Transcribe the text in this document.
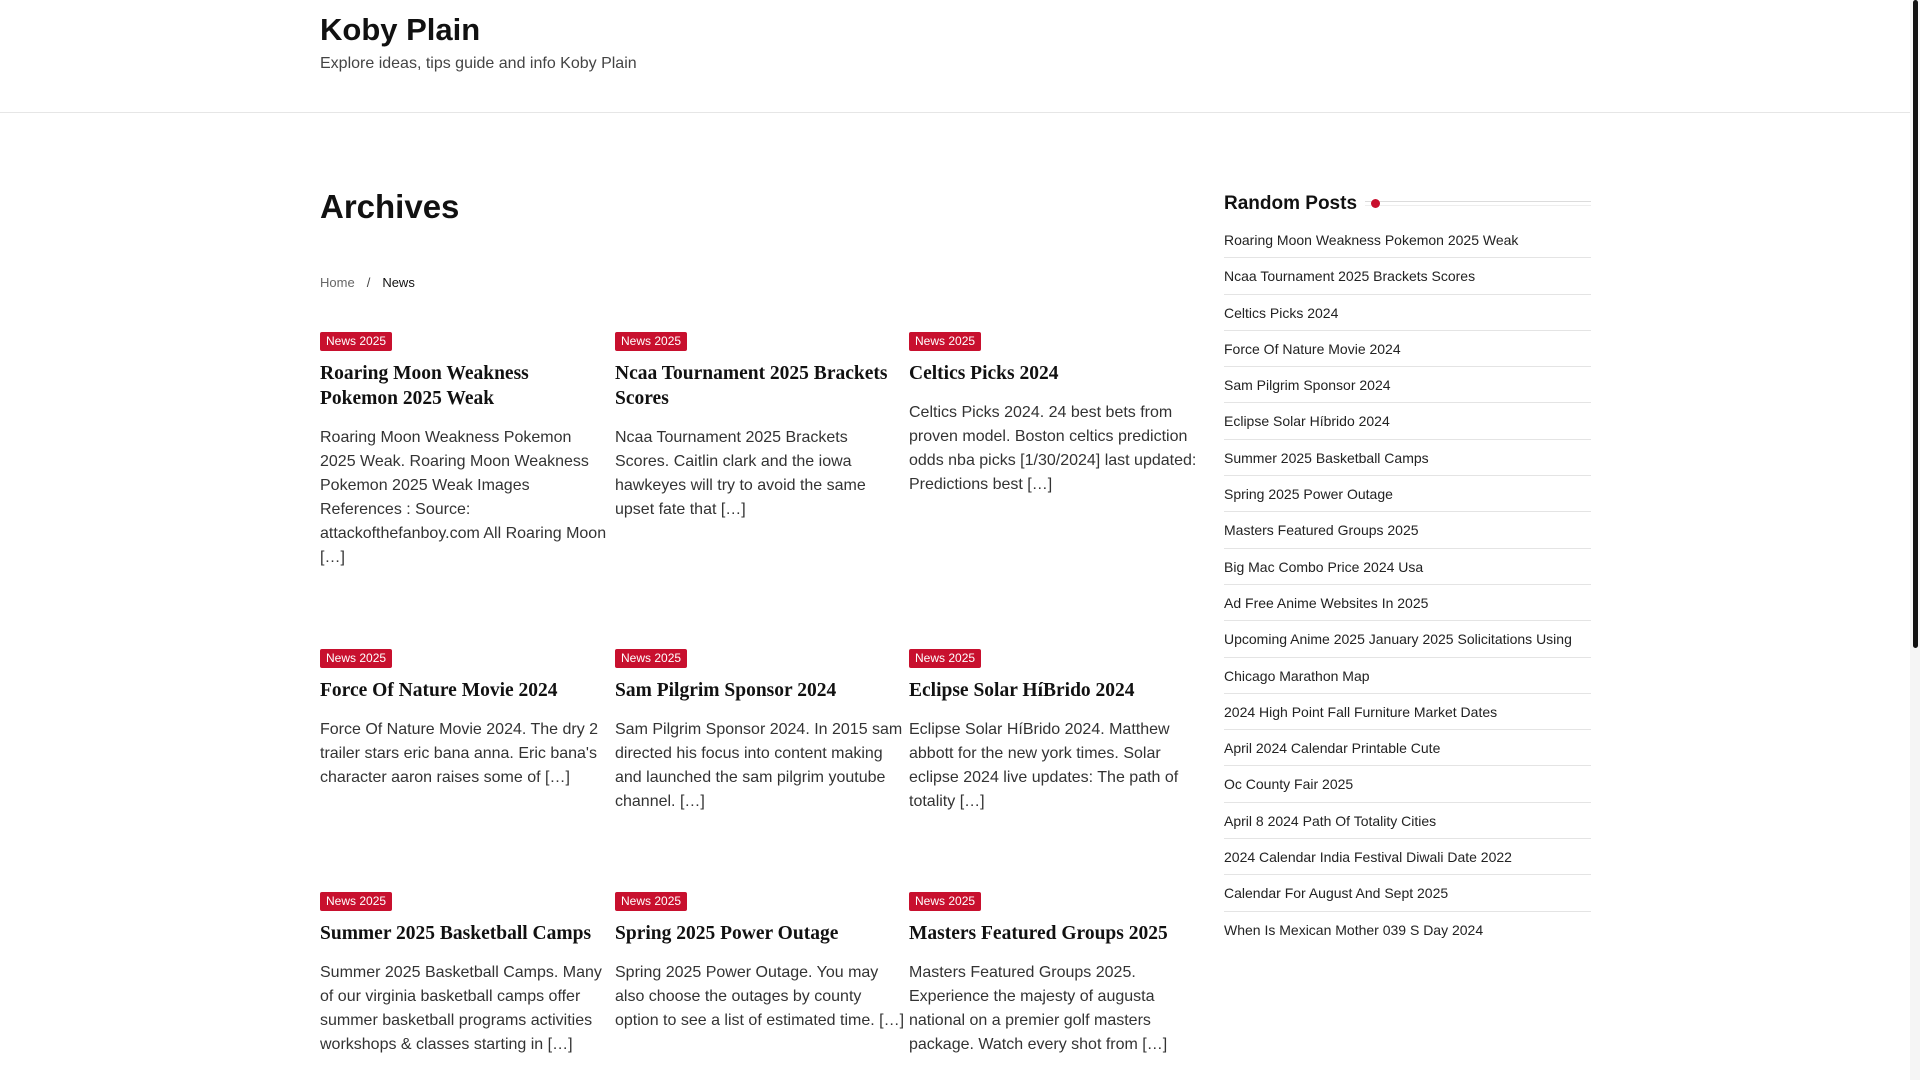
Koby Plain
Explore ideas, tips guide and info Koby Plain
Archives
Home / News
News 2025
Roaring Moon Weakness Pokemon 2025 Weak

Roaring Moon Weakness Pokemon 2025 Weak. Roaring Moon Weakness Pokemon 2025 Weak Images References : Source: attackofthefanboy.com All Roaring Moon […]

News 2025
Ncaa Tournament 2025 Brackets Scores

Ncaa Tournament 2025 Brackets Scores. Caitlin clark and the iowa hawkeyes will try to avoid the same upset fate that […]

News 2025
Celtics Picks 2024

Celtics Picks 2024. 24 best bets from proven model. Boston celtics prediction odds nba picks [1/30/2024] last updated: Predictions best […]

News 2025
Force Of Nature Movie 2024

Force Of Nature Movie 2024. The dry 2 trailer stars eric bana anna. Eric bana's character aaron raises some of […]

News 2025
Sam Pilgrim Sponsor 2024

Sam Pilgrim Sponsor 2024. In 2015 sam directed his focus into content making and launched the sam pilgrim youtube channel. […]

News 2025
Eclipse Solar HíBrido 2024

Eclipse Solar HíBrido 2024. Matthew abbott for the new york times. Solar eclipse 2024 live updates: The path of totality […]

News 2025
Summer 2025 Basketball Camps

Summer 2025 Basketball Camps. Many of our virginia basketball camps offer summer basketball programs activities workshops & classes starting in […]

News 2025
Spring 2025 Power Outage

Spring 2025 Power Outage. You may also choose the outages by county option to see a list of estimated time. […]

News 2025
Masters Featured Groups 2025

Masters Featured Groups 2025. Experience the majesty of augusta national on a premier golf masters package. Watch every shot from […]

Random Posts
Roaring Moon Weakness Pokemon 2025 Weak
Ncaa Tournament 2025 Brackets Scores
Celtics Picks 2024
Force Of Nature Movie 2024
Sam Pilgrim Sponsor 2024
Eclipse Solar Híbrido 2024
Summer 2025 Basketball Camps
Spring 2025 Power Outage
Masters Featured Groups 2025
Big Mac Combo Price 2024 Usa
Ad Free Anime Websites In 2025
Upcoming Anime 2025 January 2025 Solicitations Using
Chicago Marathon Map
2024 High Point Fall Furniture Market Dates
April 2024 Calendar Printable Cute
Oc County Fair 2025
April 8 2024 Path Of Totality Cities
2024 Calendar India Festival Diwali Date 2022
Calendar For August And Sept 2025
When Is Mexican Mother 039 S Day 2024
